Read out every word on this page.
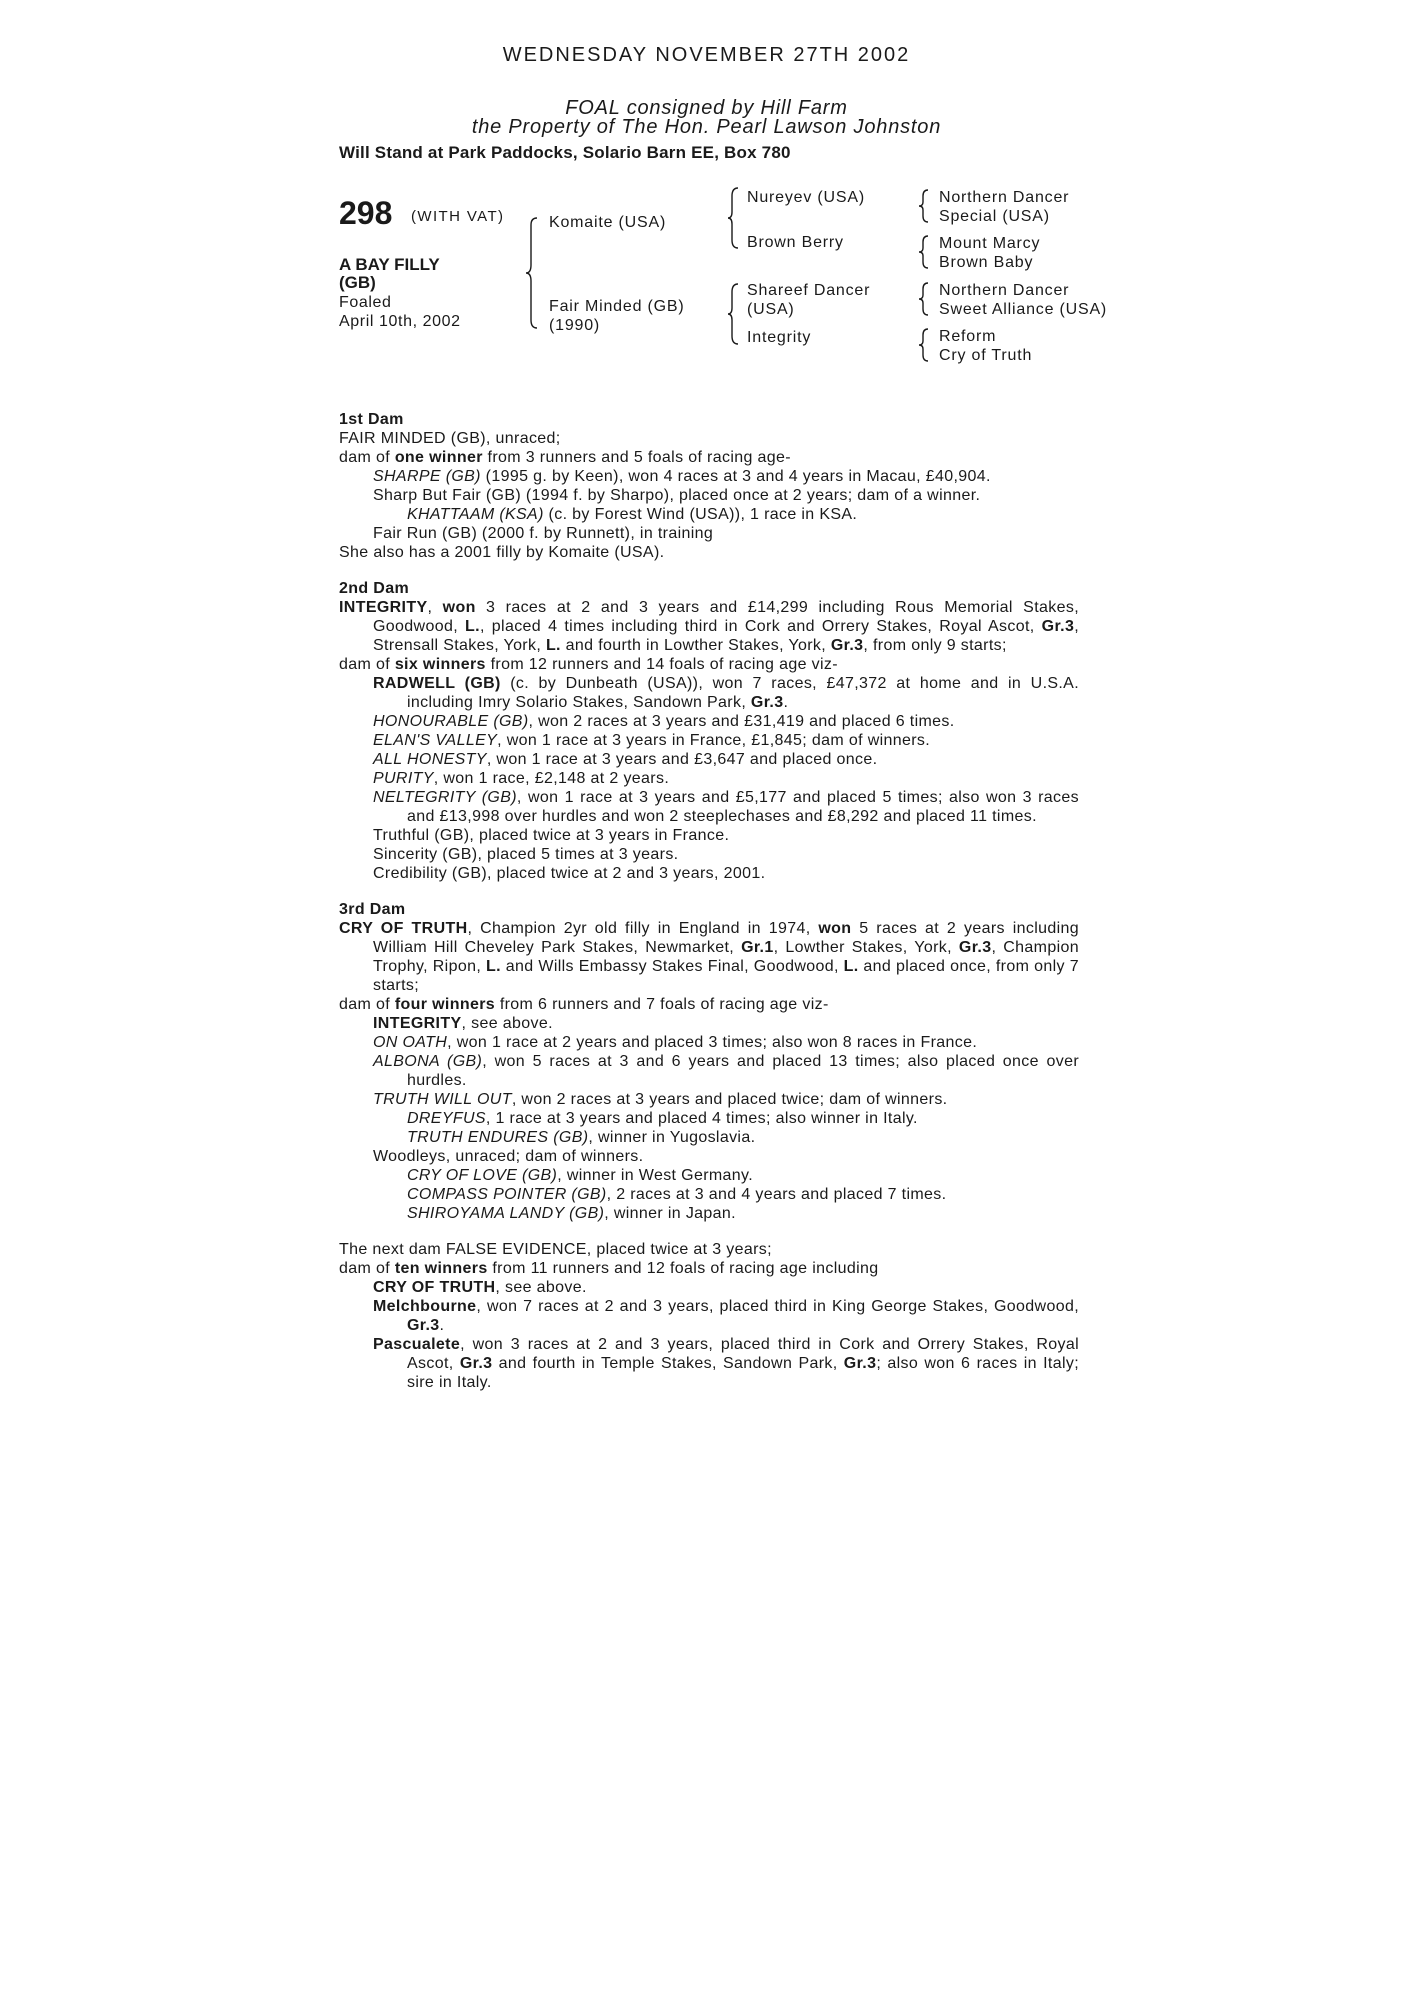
WEDNESDAY NOVEMBER 27TH 2002
FOAL consigned by Hill Farm
the Property of The Hon. Pearl Lawson Johnston
Will Stand at Park Paddocks, Solario Barn EE, Box 780
298 (WITH VAT)
A BAY FILLY
(GB)
Foaled
April 10th, 2002
Komaite (USA)
Fair Minded (GB)
(1990)
Nureyev (USA)
Brown Berry
Shareef Dancer
(USA)
Integrity
Northern Dancer
Special (USA)
Mount Marcy
Brown Baby
Northern Dancer
Sweet Alliance (USA)
Reform
Cry of Truth
1st Dam
FAIR MINDED (GB), unraced;
dam of one winner from 3 runners and 5 foals of racing age-
SHARPE (GB) (1995 g. by Keen), won 4 races at 3 and 4 years in Macau, £40,904.
Sharp But Fair (GB) (1994 f. by Sharpo), placed once at 2 years; dam of a winner.
KHATTAAM (KSA) (c. by Forest Wind (USA)), 1 race in KSA.
Fair Run (GB) (2000 f. by Runnett), in training
She also has a 2001 filly by Komaite (USA).
2nd Dam
INTEGRITY, won 3 races at 2 and 3 years and £14,299 including Rous Memorial Stakes, Goodwood, L., placed 4 times including third in Cork and Orrery Stakes, Royal Ascot, Gr.3, Strensall Stakes, York, L. and fourth in Lowther Stakes, York, Gr.3, from only 9 starts;
dam of six winners from 12 runners and 14 foals of racing age viz-
RADWELL (GB) (c. by Dunbeath (USA)), won 7 races, £47,372 at home and in U.S.A. including Imry Solario Stakes, Sandown Park, Gr.3.
HONOURABLE (GB), won 2 races at 3 years and £31,419 and placed 6 times.
ELAN'S VALLEY, won 1 race at 3 years in France, £1,845; dam of winners.
ALL HONESTY, won 1 race at 3 years and £3,647 and placed once.
PURITY, won 1 race, £2,148 at 2 years.
NELTEGRITY (GB), won 1 race at 3 years and £5,177 and placed 5 times; also won 3 races and £13,998 over hurdles and won 2 steeplechases and £8,292 and placed 11 times.
Truthful (GB), placed twice at 3 years in France.
Sincerity (GB), placed 5 times at 3 years.
Credibility (GB), placed twice at 2 and 3 years, 2001.
3rd Dam
CRY OF TRUTH, Champion 2yr old filly in England in 1974, won 5 races at 2 years including William Hill Cheveley Park Stakes, Newmarket, Gr.1, Lowther Stakes, York, Gr.3, Champion Trophy, Ripon, L. and Wills Embassy Stakes Final, Goodwood, L. and placed once, from only 7 starts;
dam of four winners from 6 runners and 7 foals of racing age viz-
INTEGRITY, see above.
ON OATH, won 1 race at 2 years and placed 3 times; also won 8 races in France.
ALBONA (GB), won 5 races at 3 and 6 years and placed 13 times; also placed once over hurdles.
TRUTH WILL OUT, won 2 races at 3 years and placed twice; dam of winners.
DREYFUS, 1 race at 3 years and placed 4 times; also winner in Italy.
TRUTH ENDURES (GB), winner in Yugoslavia.
Woodleys, unraced; dam of winners.
CRY OF LOVE (GB), winner in West Germany.
COMPASS POINTER (GB), 2 races at 3 and 4 years and placed 7 times.
SHIROYAMA LANDY (GB), winner in Japan.
The next dam FALSE EVIDENCE, placed twice at 3 years;
dam of ten winners from 11 runners and 12 foals of racing age including
CRY OF TRUTH, see above.
Melchbourne, won 7 races at 2 and 3 years, placed third in King George Stakes, Goodwood, Gr.3.
Pascualete, won 3 races at 2 and 3 years, placed third in Cork and Orrery Stakes, Royal Ascot, Gr.3 and fourth in Temple Stakes, Sandown Park, Gr.3; also won 6 races in Italy; sire in Italy.
